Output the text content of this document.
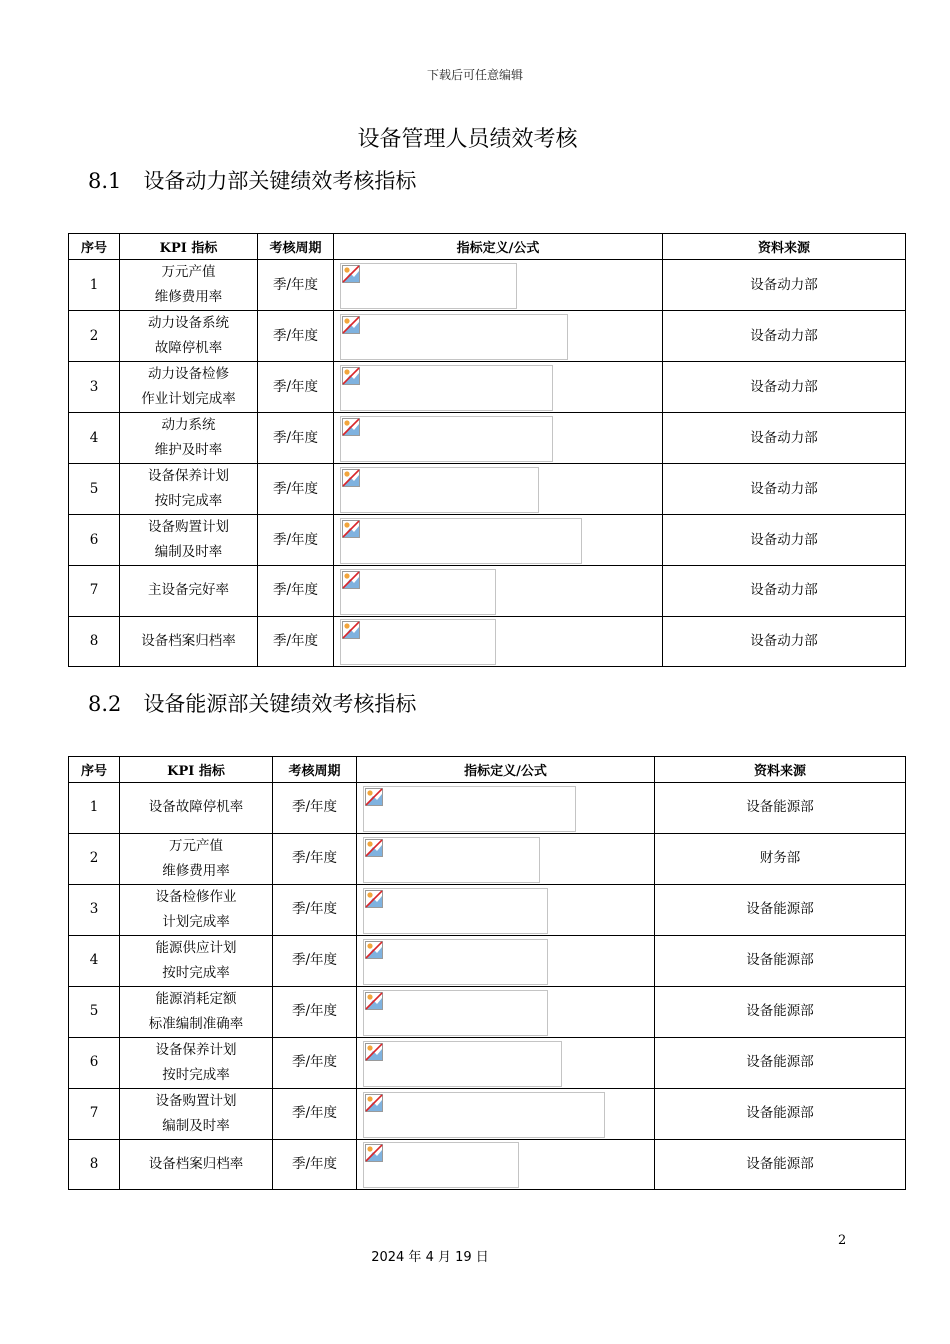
下载后可任意编辑
设备管理人员绩效考核
8.1 设备动力部关键绩效考核指标
序号	KPI 指标	考核周期	指标定义/公式	资料来源
1	万元产值
维修费用率	季/年度		设备动力部
2	动力设备系统
故障停机率	季/年度		设备动力部
3	动力设备检修
作业计划完成率	季/年度		设备动力部
4	动力系统
维护及时率	季/年度		设备动力部
5	设备保养计划
按时完成率	季/年度		设备动力部
6	设备购置计划
编制及时率	季/年度		设备动力部
7	主设备完好率	季/年度		设备动力部
8	设备档案归档率	季/年度		设备动力部
8.2 设备能源部关键绩效考核指标
序号	KPI 指标	考核周期	指标定义/公式	资料来源
1	设备故障停机率	季/年度		设备能源部
2	万元产值
维修费用率	季/年度		财务部
3	设备检修作业
计划完成率	季/年度		设备能源部
4	能源供应计划
按时完成率	季/年度		设备能源部
5	能源消耗定额
标准编制准确率	季/年度		设备能源部
6	设备保养计划
按时完成率	季/年度		设备能源部
7	设备购置计划
编制及时率	季/年度		设备能源部
8	设备档案归档率	季/年度		设备能源部
2
2024 年 4 月 19 日
